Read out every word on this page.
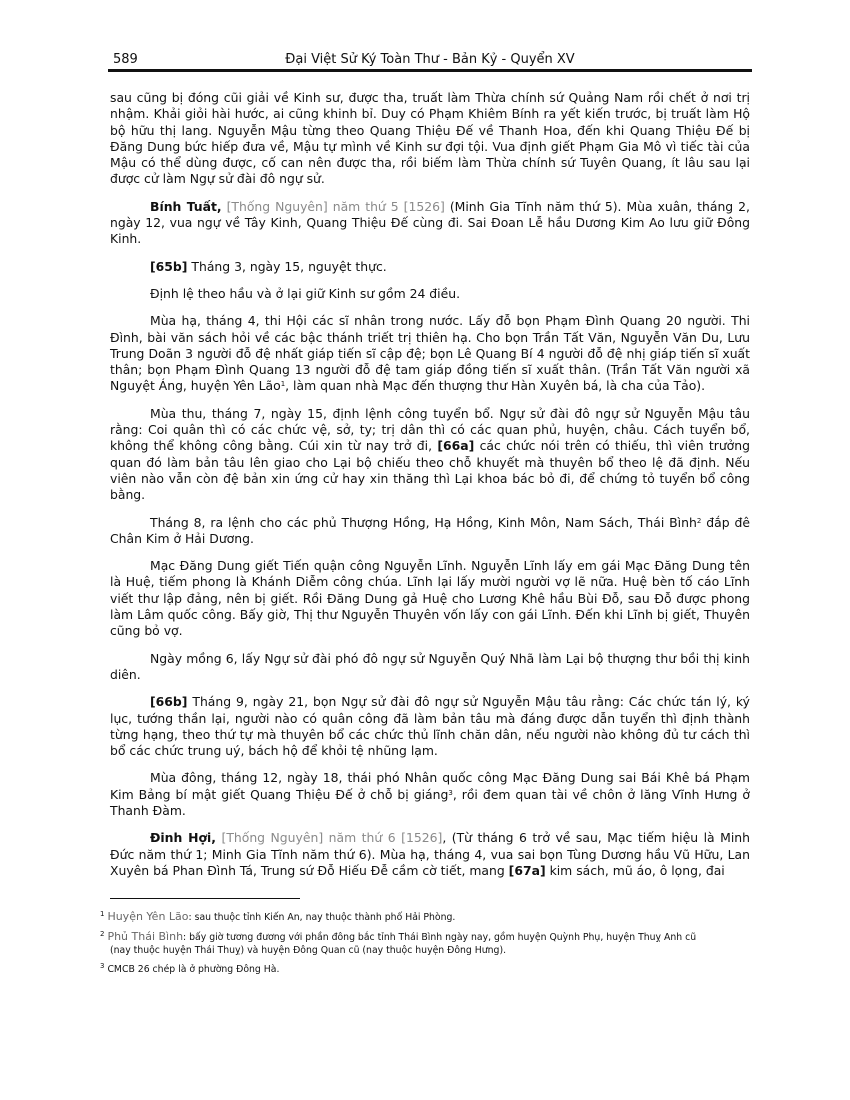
589	Đại Việt Sử Ký Toàn Thư - Bản Kỷ - Quyển XV

sau cũng bị đóng cũi giải về Kinh sư, được tha, truất làm Thừa chính sứ Quảng Nam rồi chết ở nơi trị nhậm. Khải giỏi hài hước, ai cũng khinh bỉ. Duy có Phạm Khiêm Bính ra yết kiến trước, bị truất làm Hộ bộ hữu thị lang. Nguyễn Mậu từng theo Quang Thiệu Đế về Thanh Hoa, đến khi Quang Thiệu Đế bị Đăng Dung bức hiếp đưa về, Mậu tự mình về Kinh sư đợi tội. Vua định giết Phạm Gia Mô vì tiếc tài của Mậu có thể dùng được, cố can nên được tha, rồi biếm làm Thừa chính sứ Tuyên Quang, ít lâu sau lại được cử làm Ngự sử đài đô ngự sử.

Bính Tuất, [Thống Nguyên] năm thứ 5 [1526] (Minh Gia Tĩnh năm thứ 5). Mùa xuân, tháng 2, ngày 12, vua ngự về Tây Kinh, Quang Thiệu Đế cùng đi. Sai Đoan Lễ hầu Dương Kim Ao lưu giữ Đông Kinh.

[65b] Tháng 3, ngày 15, nguyệt thực.

Định lệ theo hầu và ở lại giữ Kinh sư gồm 24 điều.

Mùa hạ, tháng 4, thi Hội các sĩ nhân trong nước. Lấy đỗ bọn Phạm Đình Quang 20 người. Thi Đình, bài văn sách hỏi về các bậc thánh triết trị thiên hạ. Cho bọn Trần Tất Văn, Nguyễn Văn Du, Lưu Trung Doãn 3 người đỗ đệ nhất giáp tiến sĩ cập đệ; bọn Lê Quang Bí 4 người đỗ đệ nhị giáp tiến sĩ xuất thân; bọn Phạm Đình Quang 13 người đỗ đệ tam giáp đồng tiến sĩ xuất thân. (Trần Tất Văn người xã Nguyệt Áng, huyện Yên Lão$^1$, làm quan nhà Mạc đến thượng thư Hàn Xuyên bá, là cha của Tảo).

Mùa thu, tháng 7, ngày 15, định lệnh công tuyển bổ. Ngự sử đài đô ngự sử Nguyễn Mậu tâu rằng: Coi quân thì có các chức vệ, sở, ty; trị dân thì có các quan phủ, huyện, châu. Cách tuyển bổ, không thể không công bằng. Cúi xin từ nay trở đi, [66a] các chức nói trên có thiếu, thì viên trưởng quan đó làm bản tâu lên giao cho Lại bộ chiếu theo chỗ khuyết mà thuyên bổ theo lệ đã định. Nếu viên nào vẫn còn đệ bản xin ứng cử hay xin thăng thì Lại khoa bác bỏ đi, để chứng tỏ tuyển bổ công bằng.

Tháng 8, ra lệnh cho các phủ Thượng Hồng, Hạ Hồng, Kinh Môn, Nam Sách, Thái Bình$^2$ đắp đê Chân Kim ở Hải Dương.

Mạc Đăng Dung giết Tiến quận công Nguyễn Lĩnh. Nguyễn Lĩnh lấy em gái Mạc Đăng Dung tên là Huệ, tiếm phong là Khánh Diễm công chúa. Lĩnh lại lấy mười người vợ lẽ nữa. Huệ bèn tố cáo Lĩnh viết thư lập đảng, nên bị giết. Rồi Đăng Dung gả Huệ cho Lương Khê hầu Bùi Đỗ, sau Đỗ được phong làm Lâm quốc công. Bấy giờ, Thị thư Nguyễn Thuyên vốn lấy con gái Lĩnh. Đến khi Lĩnh bị giết, Thuyên cũng bỏ vợ.

Ngày mồng 6, lấy Ngự sử đài phó đô ngự sử Nguyễn Quý Nhã làm Lại bộ thượng thư bồi thị kinh diên.

[66b] Tháng 9, ngày 21, bọn Ngự sử đài đô ngự sử Nguyễn Mậu tâu rằng: Các chức tán lý, ký lục, tướng thần lại, người nào có quân công đã làm bản tâu mà đáng được dẫn tuyển thì định thành từng hạng, theo thứ tự mà thuyên bổ các chức thủ lĩnh chăn dân, nếu người nào không đủ tư cách thì bổ các chức trung uý, bách hộ để khỏi tệ nhũng lạm.

Mùa đông, tháng 12, ngày 18, thái phó Nhân quốc công Mạc Đăng Dung sai Bái Khê bá Phạm Kim Bảng bí mật giết Quang Thiệu Đế ở chỗ bị giáng$^3$, rồi đem quan tài về chôn ở lăng Vĩnh Hưng ở Thanh Đàm.

Đinh Hợi, [Thống Nguyên] năm thứ 6 [1526], (Từ tháng 6 trở về sau, Mạc tiếm hiệu là Minh Đức năm thứ 1; Minh Gia Tĩnh năm thứ 6). Mùa hạ, tháng 4, vua sai bọn Tùng Dương hầu Vũ Hữu, Lan Xuyên bá Phan Đình Tá, Trung sứ Đỗ Hiếu Đễ cầm cờ tiết, mang [67a] kim sách, mũ áo, ô lọng, đai

$^1$ Huyện Yên Lão: sau thuộc tỉnh Kiến An, nay thuộc thành phố Hải Phòng.

$^2$ Phủ Thái Bình: bấy giờ tương đương với phần đông bắc tỉnh Thái Bình ngày nay, gồm huyện Quỳnh Phụ, huyện Thuỵ Anh cũ
(nay thuộc huyện Thái Thuỵ) và huyện Đông Quan cũ (nay thuộc huyện Đông Hưng).

$^3$ CMCB 26 chép là ở phường Đông Hà.
